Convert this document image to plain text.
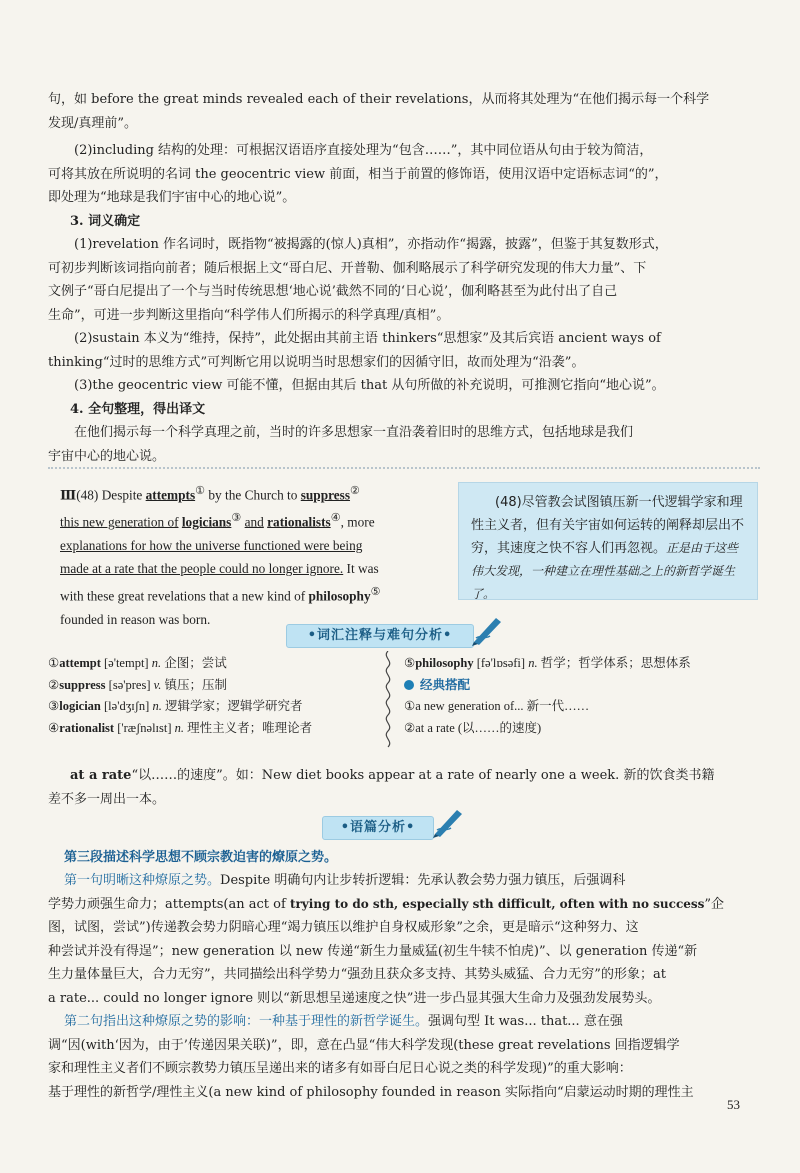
句，如 before the great minds revealed each of their revelations，从而将其处理为“在他们揭示每一个科学
发现/真理前”。

(2)including 结构的处理：可根据汉语语序直接处理为“包含……”，其中同位语从句由于较为简洁，
可将其放在所说明的名词 the geocentric view 前面，相当于前置的修饰语，使用汉语中定语标志词“的”，
即处理为“地球是我们宇宙中心的地心说”。

3. 词义确定

(1)revelation 作名词时，既指物“被揭露的(惊人)真相”，亦指动作“揭露，披露”，但鉴于其复数形式，
可初步判断该词指向前者；随后根据上文“哥白尼、开普勒、伽利略展示了科学研究发现的伟大力量”、下
文例子“哥白尼提出了一个与当时传统思想‘地心说’截然不同的‘日心说’，伽利略甚至为此付出了自己
生命”，可进一步判断这里指向“科学伟人们所揭示的科学真理/真相”。

(2)sustain 本义为“维持，保持”，此处据由其前主语 thinkers“思想家”及其后宾语 ancient ways of
thinking“过时的思维方式”可判断它用以说明当时思想家们的因循守旧，故而处理为“沿袭”。

(3)the geocentric view 可能不懂，但据由其后 that 从句所做的补充说明，可推测它指向“地心说”。

4. 全句整理，得出译文

在他们揭示每一个科学真理之前，当时的许多思想家一直沿袭着旧时的思维方式，包括地球是我们
宇宙中心的地心说。

Ⅲ(48) Despite attempts① by the Church to suppress②
this new generation of logicians③ and rationalists④, more
explanations for how the universe functioned were being
made at a rate that the people could no longer ignore. It was
with these great revelations that a new kind of philosophy⑤
founded in reason was born.
(48)尽管教会试图镇压新一代逻辑学家和理性主义者，但有关宇宙如何运转的阐释却层出不穷，其速度之快不容人们再忽视。正是由于这些伟大发现，一种建立在理性基础之上的新哲学诞生了。
•词汇注释与难句分析•
①attempt [ə'tempt] n. 企图；尝试
②suppress [sə'pres] v. 镇压；压制
③logician [lə'dʒɪʃn] n. 逻辑学家；逻辑学研究者
④rationalist ['ræʃnəlɪst] n. 理性主义者；唯理论者
⑤philosophy [fə'lɒsəfi] n. 哲学；哲学体系；思想体系
经典搭配
①a new generation of... 新一代……
②at a rate (以……的速度)

at a rate“以……的速度”。如：New diet books appear at a rate of nearly one a week. 新的饮食类书籍
差不多一周出一本。

•语篇分析•

第三段描述科学思想不顾宗教迫害的燎原之势。

第一句明晰这种燎原之势。Despite 明确句内让步转折逻辑：先承认教会势力强力镇压，后强调科
学势力顽强生命力；attempts(an act of trying to do sth, especially sth difficult, often with no success”企
图，试图，尝试”)传递教会势力阴暗心理“竭力镇压以维护自身权威形象”之余，更是暗示“这种努力、这
种尝试并没有得逞”；new generation 以 new 传递“新生力量威猛(初生牛犊不怕虎)”、以 generation 传递“新
生力量体量巨大，合力无穷”，共同描绘出科学势力“强劲且获众多支持、其势头威猛、合力无穷”的形象；at
a rate... could no longer ignore 则以“新思想呈递速度之快”进一步凸显其强大生命力及强劲发展势头。

第二句指出这种燎原之势的影响：一种基于理性的新哲学诞生。强调句型 It was... that... 意在强
调“因(with‘因为，由于’传递因果关联)”，即，意在凸显“伟大科学发现(these great revelations 回指逻辑学
家和理性主义者们不顾宗教势力镇压呈递出来的诸多有如哥白尼日心说之类的科学发现)”的重大影响：
基于理性的新哲学/理性主义(a new kind of philosophy founded in reason 实际指向“启蒙运动时期的理性主

53
